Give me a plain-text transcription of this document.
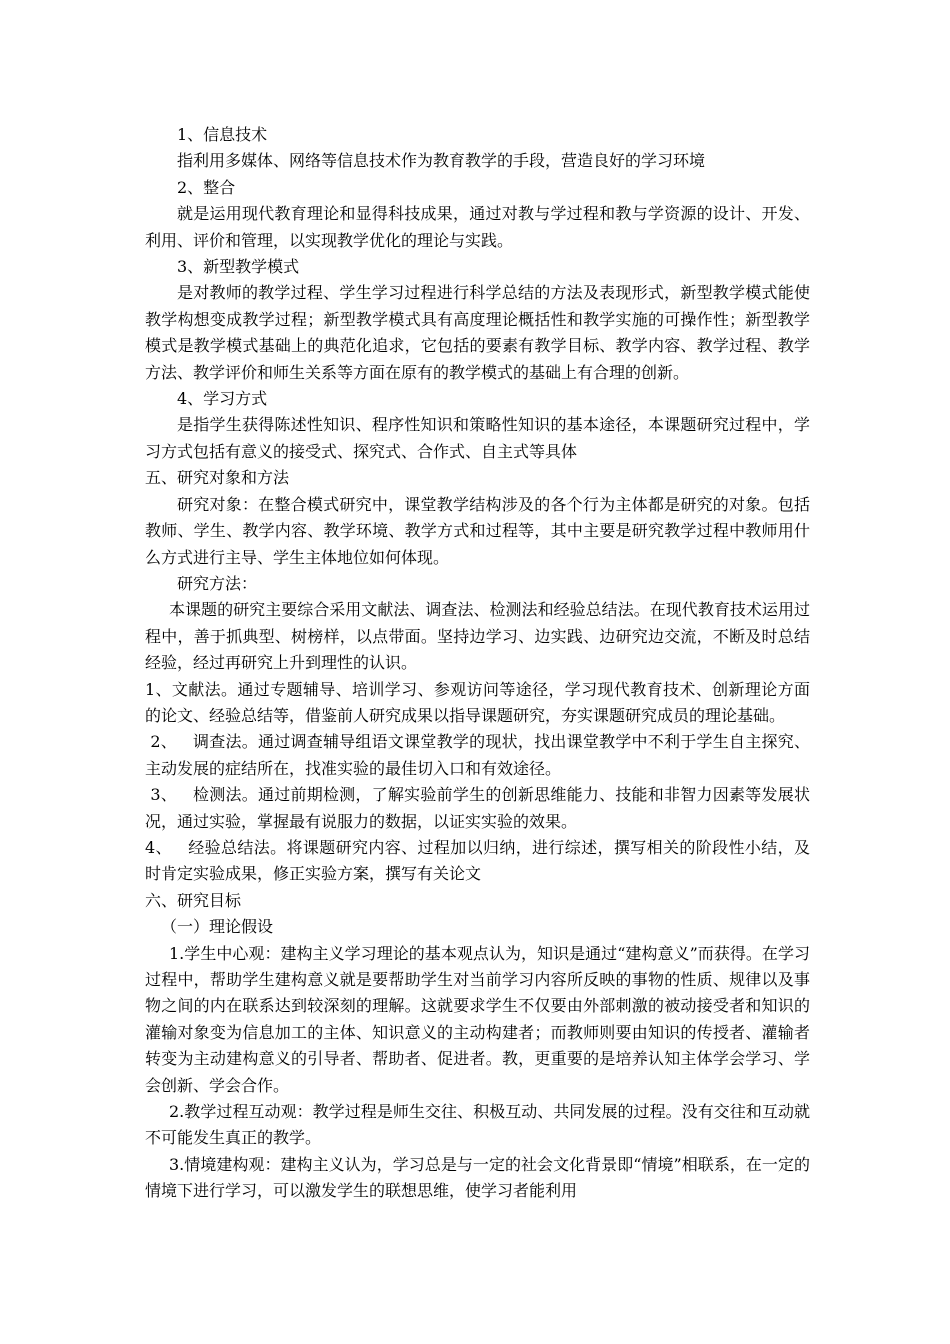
1、信息技术

指利用多媒体、网络等信息技术作为教育教学的手段，营造良好的学习环境

2、整合

就是运用现代教育理论和显得科技成果，通过对教与学过程和教与学资源的设计、开发、利用、评价和管理，以实现教学优化的理论与实践。

3、新型教学模式

是对教师的教学过程、学生学习过程进行科学总结的方法及表现形式，新型教学模式能使教学构想变成教学过程；新型教学模式具有高度理论概括性和教学实施的可操作性；新型教学模式是教学模式基础上的典范化追求，它包括的要素有教学目标、教学内容、教学过程、教学方法、教学评价和师生关系等方面在原有的教学模式的基础上有合理的创新。

4、学习方式

是指学生获得陈述性知识、程序性知识和策略性知识的基本途径，本课题研究过程中，学习方式包括有意义的接受式、探究式、合作式、自主式等具体

五、研究对象和方法

研究对象：在整合模式研究中，课堂教学结构涉及的各个行为主体都是研究的对象。包括教师、学生、教学内容、教学环境、教学方式和过程等，其中主要是研究教学过程中教师用什么方式进行主导、学生主体地位如何体现。

研究方法：

本课题的研究主要综合采用文献法、调查法、检测法和经验总结法。在现代教育技术运用过程中，善于抓典型、树榜样，以点带面。坚持边学习、边实践、边研究边交流，不断及时总结经验，经过再研究上升到理性的认识。

1、文献法。通过专题辅导、培训学习、参观访问等途径，学习现代教育技术、创新理论方面的论文、经验总结等，借鉴前人研究成果以指导课题研究，夯实课题研究成员的理论基础。

2、   调查法。通过调查辅导组语文课堂教学的现状，找出课堂教学中不利于学生自主探究、主动发展的症结所在，找准实验的最佳切入口和有效途径。

3、   检测法。通过前期检测，了解实验前学生的创新思维能力、技能和非智力因素等发展状况，通过实验，掌握最有说服力的数据，以证实实验的效果。

4、   经验总结法。将课题研究内容、过程加以归纳，进行综述，撰写相关的阶段性小结，及时肯定实验成果，修正实验方案，撰写有关论文

六、研究目标

（一）理论假设

1.学生中心观：建构主义学习理论的基本观点认为，知识是通过“建构意义”而获得。在学习过程中，帮助学生建构意义就是要帮助学生对当前学习内容所反映的事物的性质、规律以及事物之间的内在联系达到较深刻的理解。这就要求学生不仅要由外部刺激的被动接受者和知识的灌输对象变为信息加工的主体、知识意义的主动构建者；而教师则要由知识的传授者、灌输者转变为主动建构意义的引导者、帮助者、促进者。教，更重要的是培养认知主体学会学习、学会创新、学会合作。

2.教学过程互动观：教学过程是师生交往、积极互动、共同发展的过程。没有交往和互动就不可能发生真正的教学。

3.情境建构观：建构主义认为，学习总是与一定的社会文化背景即“情境”相联系，在一定的情境下进行学习，可以激发学生的联想思维，使学习者能利用
